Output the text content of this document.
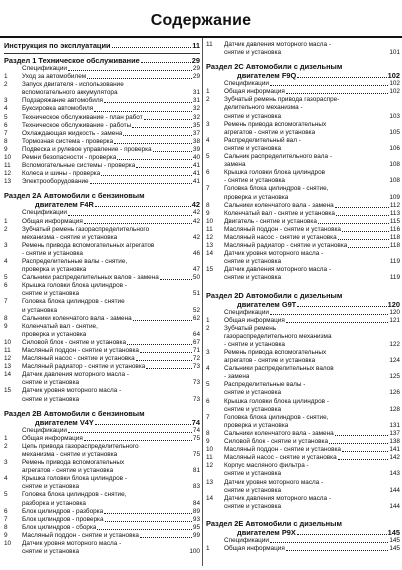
Содержание
Инструкция по эксплуатации	11
Раздел 1 Техническое обслуживание	29
Спецификации	29
1	Уход за автомобилем	29
2	Запуск двигателя - использование
вспомогательного аккумулятора	31
3	Подзаряжание автомобиля	31
4	Буксировка автомобиля	32
5	Техническое обслуживание - план работ	32
6	Техническое обслуживание - работы	35
7	Охлаждающая жидкость - замена	37
8	Тормозная система - проверка	38
9	Подвеска и рулевое управление - проверка	39
10	Ремни безопасности - проверка	40
11	Вспомогательные системы - проверка	41
12	Колеса и шины - проверка	41
13	Электрооборудование	41
Раздел 2А Автомобили с бензиновым
двигателем F4R	42
Спецификации	42
1	Общая информация	42
2	Зубчатый ремень газораспределительного
механизма - снятие и установка	42
3	Ремень привода вспомогательных агрегатов
- снятие и установка	46
4	Распределительные валы - снятие,
проверка и установка	47
5	Сальники распределительных валов - замена	50
6	Крышка головки блока цилиндров -
снятие и установка	51
7	Головка блока цилиндров - снятие
и установка	52
8	Сальники коленчатого вала - замена	62
9	Коленчатый вал - снятие,
проверка и установка	64
10	Силовой блок - снятие и установка	67
11	Масляный поддон - снятие и установка	71
12	Масляный насос - снятие и установка	72
13	Масляный радиатор - снятие и установка	73
14	Датчик давления моторного масла -
снятие и установка	73
15	Датчик уровня моторного масла -
снятие и установка	73
Раздел 2В Автомобили с бензиновым
двигателем V4Y	74
Спецификации	74
1	Общая информация	75
2	Цепь привода газораспределительного
механизма - снятие и установка	75
3	Ремень привода вспомогательных
агрегатов - снятие и установка	81
4	Крышка головки блока цилиндров -
снятие и установка	83
5	Головка блока цилиндров - снятие,
разборка и установка	84
6	Блок цилиндров - разборка	89
7	Блок цилиндров - проверка	93
8	Блок цилиндров - сборка	95
9	Масляный поддон - снятие и установка	99
10	Датчик уровня моторного масла -
снятие и установка	100
11	Датчик давления моторного масла -
снятие и установка	101
Раздел 2С Автомобили с дизельным
двигателем F9Q	102
Спецификации	102
1	Общая информация	102
2	Зубчатый ремень привода газораспре-
делительного механизма -
снятие и установка	103
3	Ремень привода вспомогательных
агрегатов - снятие и установка	105
4	Распределительный вал -
снятие и установка	106
5	Сальник распределительного вала -
замена	108
6	Крышка головки блока цилиндров
- снятие и установка	108
7	Головка блока цилиндров - снятие,
проверка и установка	109
8	Сальники коленчатого вала - замена	112
9	Коленчатый вал - снятие и установка	113
10	Двигатель - снятие и установка	115
11	Масляный поддон - снятие и установка	116
12	Масляный насос - снятие и установка	118
13	Масляный радиатор - снятие и установка	118
14	Датчик уровня моторного масла -
снятие и установка	119
15	Датчик давления моторного масла -
снятие и установка	119
Раздел 2D Автомобили с дизельным
двигателем G9T	120
Спецификации	120
1	Общая информация	121
2	Зубчатый ремень
газораспределительного механизма
- снятие и установка	122
3	Ремень привода вспомогательных
агрегатов - снятие и установка	124
4	Сальники распределительных валов
- замена	125
5	Распределительные валы -
снятие и установка	126
6	Крышка головки блока цилиндров -
снятие и установка	128
7	Головка блока цилиндров - снятие,
проверка и установка	131
8	Сальники коленчатого вала - замена	137
9	Силовой блок - снятие и установка	138
10	Масляный поддон - снятие и установка	141
11	Масляный насос - снятие и установка	142
12	Корпус масляного фильтра -
снятие и установка	143
13	Датчик уровня моторного масла -
снятие и установка	144
14	Датчик давления моторного масла -
снятие и установка	144
Раздел 2Е Автомобили с дизельным
двигателем P9X	145
Спецификации	145
1	Общая информация	145
